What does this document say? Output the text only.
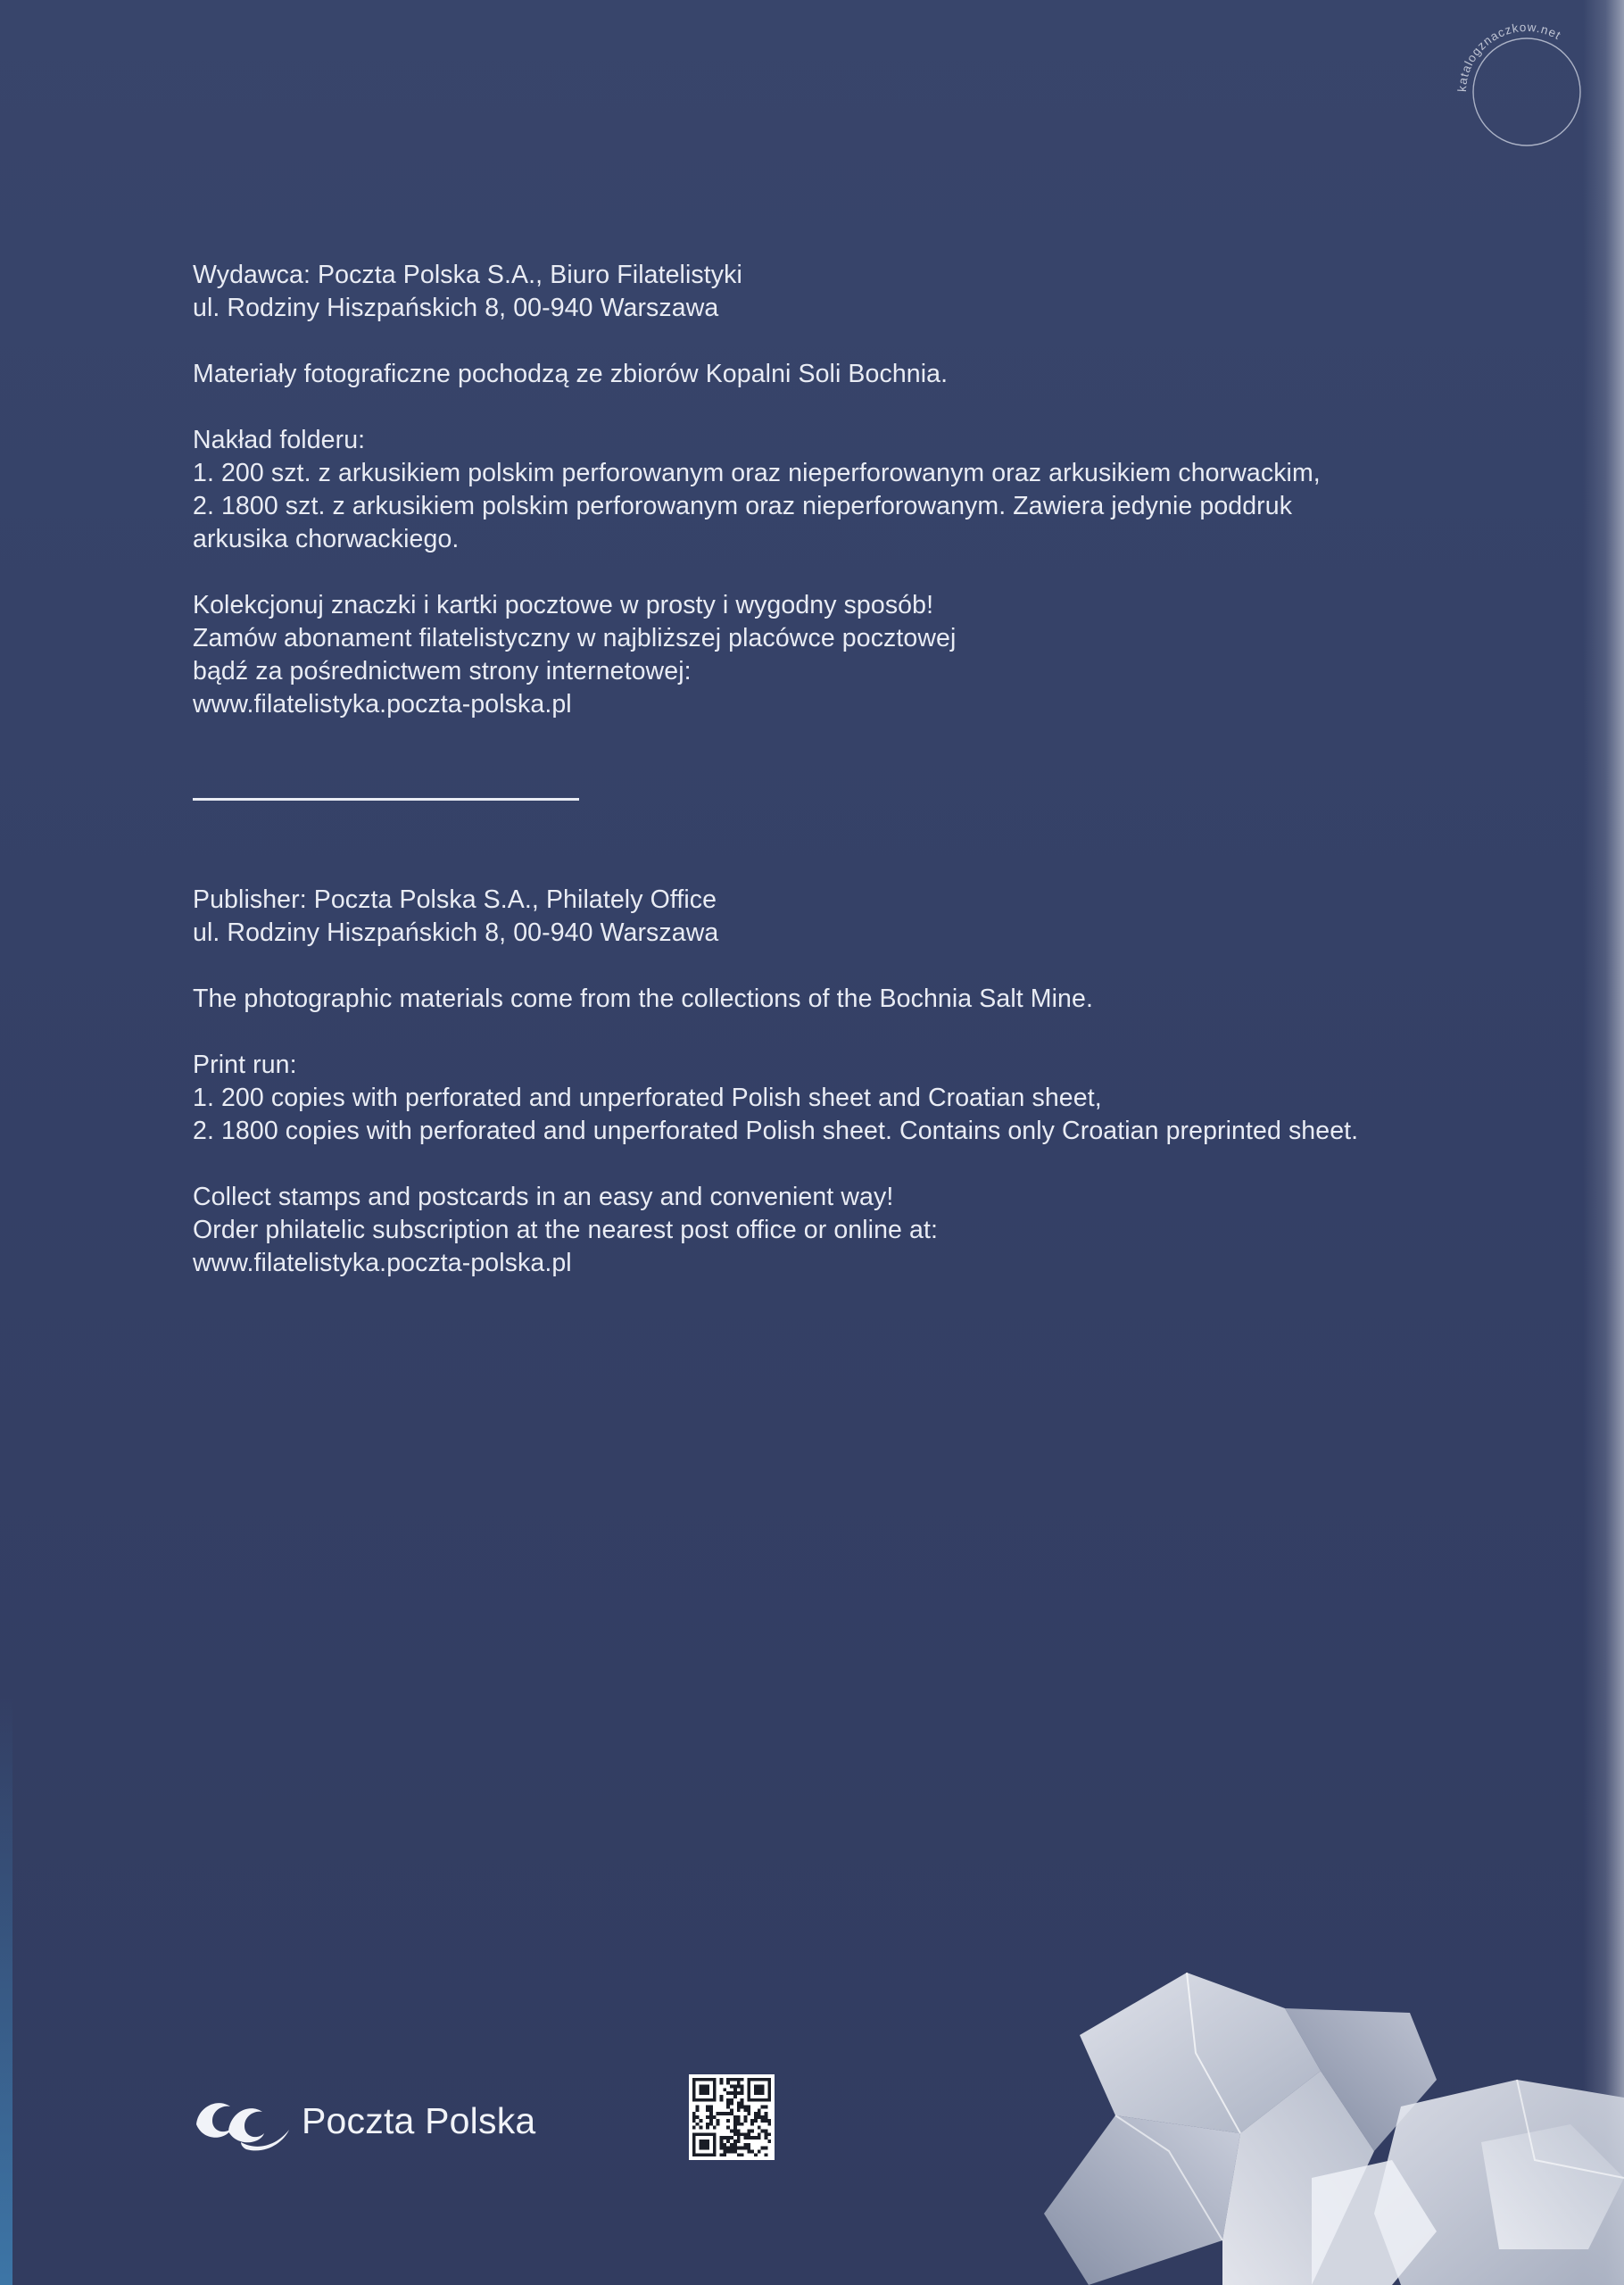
katalogznaczkow.net

Wydawca: Poczta Polska S.A., Biuro Filatelistyki

ul. Rodziny Hiszpańskich 8, 00-940 Warszawa

Materiały fotograficzne pochodzą ze zbiorów Kopalni Soli Bochnia.

Nakład folderu:

1. 200 szt. z arkusikiem polskim perforowanym oraz nieperforowanym oraz arkusikiem chorwackim,

2. 1800 szt. z arkusikiem polskim perforowanym oraz nieperforowanym. Zawiera jedynie poddruk

arkusika chorwackiego.

Kolekcjonuj znaczki i kartki pocztowe w prosty i wygodny sposób!

Zamów abonament filatelistyczny w najbliższej placówce pocztowej

bądź za pośrednictwem strony internetowej:

www.filatelistyka.poczta-polska.pl

Publisher: Poczta Polska S.A., Philately Office

ul. Rodziny Hiszpańskich 8, 00-940 Warszawa

The photographic materials come from the collections of the Bochnia Salt Mine.

Print run:

1. 200 copies with perforated and unperforated Polish sheet and Croatian sheet,

2. 1800 copies with perforated and unperforated Polish sheet. Contains only Croatian preprinted sheet.

Collect stamps and postcards in an easy and convenient way!

Order philatelic subscription at the nearest post office or online at:

www.filatelistyka.poczta-polska.pl

Poczta Polska
